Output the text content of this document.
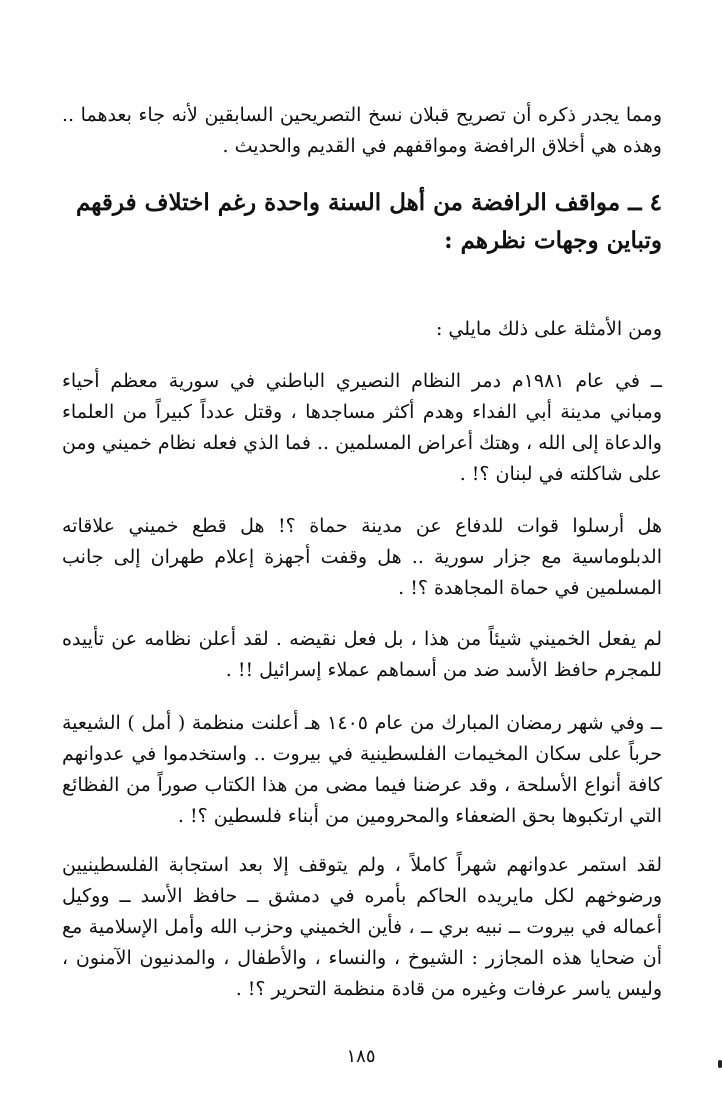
ومما يجدر ذكره أن تصريح قبلان نسخ التصريحين السابقين لأنه جاء بعدهما .. وهذه هي أخلاق الرافضة ومواقفهم في القديم والحديث .

٤ ــ مواقف الرافضة من أهل السنة واحدة رغم اختلاف فرقهم وتباين وجهات نظرهم :

ومن الأمثلة على ذلك مايلي :

ــ في عام ١٩٨١م دمر النظام النصيري الباطني في سورية معظم أحياء ومباني مدينة أبي الفداء وهدم أكثر مساجدها ، وقتل عدداً كبيراً من العلماء والدعاة إلى الله ، وهتك أعراض المسلمين .. فما الذي فعله نظام خميني ومن على شاكلته في لبنان ؟! .

هل أرسلوا قوات للدفاع عن مدينة حماة ؟! هل قطع خميني علاقاته الدبلوماسية مع جزار سورية .. هل وقفت أجهزة إعلام طهران إلى جانب المسلمين في حماة المجاهدة ؟! .

لم يفعل الخميني شيئاً من هذا ، بل فعل نقيضه . لقد أعلن نظامه عن تأييده للمجرم حافظ الأسد ضد من أسماهم عملاء إسرائيل !! .

ــ وفي شهر رمضان المبارك من عام ١٤٠٥ هـ أعلنت منظمة ( أمل ) الشيعية حرباً على سكان المخيمات الفلسطينية في بيروت .. واستخدموا في عدوانهم كافة أنواع الأسلحة ، وقد عرضنا فيما مضى من هذا الكتاب صوراً من الفظائع التي ارتكبوها بحق الضعفاء والمحرومين من أبناء فلسطين ؟! .

لقد استمر عدوانهم شهراً كاملاً ، ولم يتوقف إلا بعد استجابة الفلسطينيين ورضوخهم لكل مايريده الحاكم بأمره في دمشق ــ حافظ الأسد ــ ووكيل أعماله في بيروت ــ نبيه بري ــ ، فأين الخميني وحزب الله وأمل الإسلامية مع أن ضحايا هذه المجازر : الشيوخ ، والنساء ، والأطفال ، والمدنيون الآمنون ، وليس ياسر عرفات وغيره من قادة منظمة التحرير ؟! .

١٨٥
